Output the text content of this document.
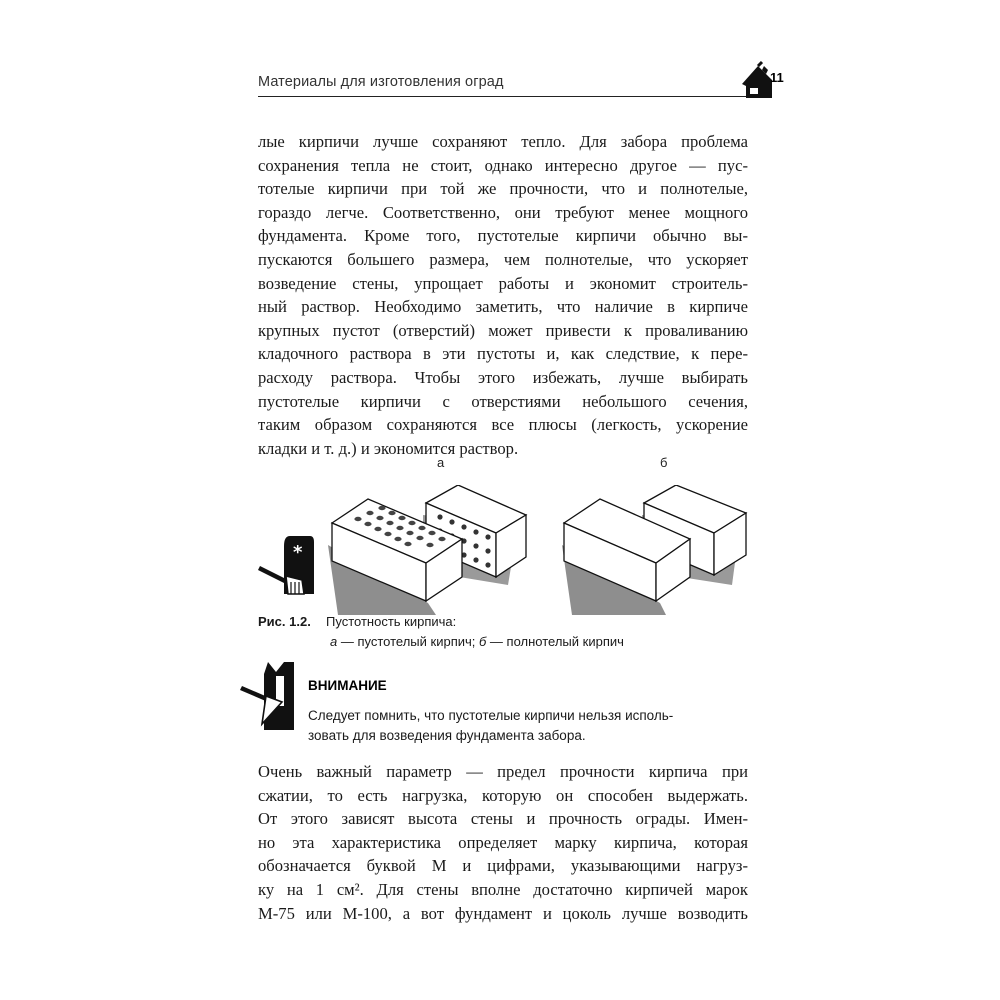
Материалы для изготовления оград	11
лые кирпичи лучше сохраняют тепло. Для забора проблема
сохранения тепла не стоит, однако интересно другое — пус-
тотелые кирпичи при той же прочности, что и полнотелые,
гораздо легче. Соответственно, они требуют менее мощного
фундамента. Кроме того, пустотелые кирпичи обычно вы-
пускаются большего размера, чем полнотелые, что ускоряет
возведение стены, упрощает работы и экономит строитель-
ный раствор. Необходимо заметить, что наличие в кирпиче
крупных пустот (отверстий) может привести к проваливанию
кладочного раствора в эти пустоты и, как следствие, к пере-
расходу раствора. Чтобы этого избежать, лучше выбирать
пустотелые кирпичи с отверстиями небольшого сечения,
таким образом сохраняются все плюсы (легкость, ускорение
кладки и т. д.) и экономится раствор.
а	б
*
Рис. 1.2. Пустотность кирпича:
а — пустотелый кирпич; б — полнотелый кирпич
ВНИМАНИЕ
Следует помнить, что пустотелые кирпичи нельзя исполь-
зовать для возведения фундамента забора.
Очень важный параметр — предел прочности кирпича при
сжатии, то есть нагрузка, которую он способен выдержать.
От этого зависят высота стены и прочность ограды. Имен-
но эта характеристика определяет марку кирпича, которая
обозначается буквой М и цифрами, указывающими нагруз-
ку на 1 см². Для стены вполне достаточно кирпичей марок
М-75 или М-100, а вот фундамент и цоколь лучше возводить
